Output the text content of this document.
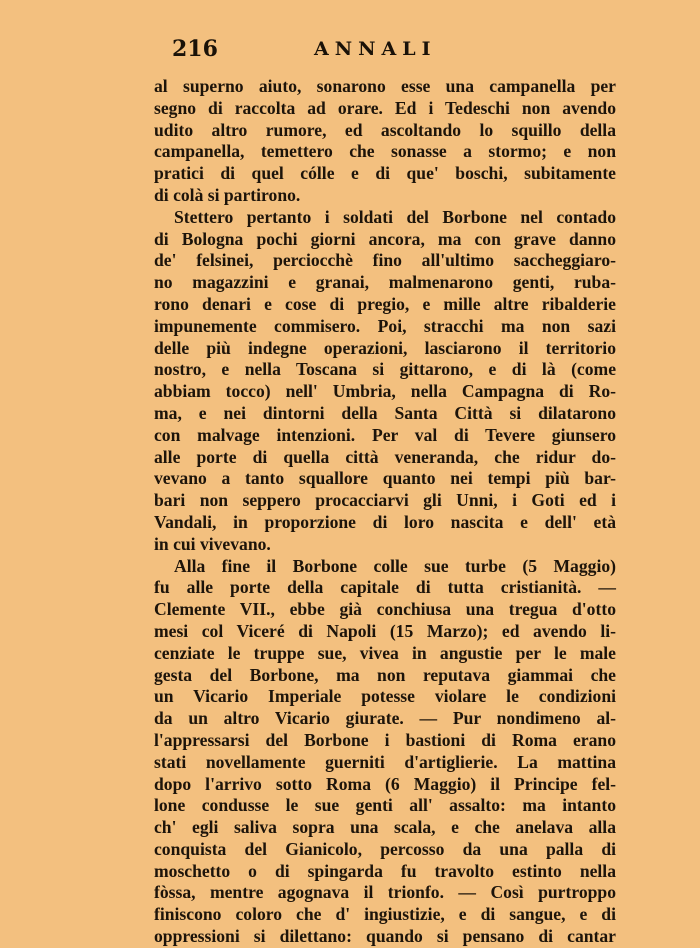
216	ANNALI
al superno aiuto, sonarono esse una campanella per
segno di raccolta ad orare. Ed i Tedeschi non avendo
udito altro rumore, ed ascoltando lo squillo della
campanella, temettero che sonasse a stormo; e non
pratici di quel cólle e di que' boschi, subitamente
di colà si partirono.
Stettero pertanto i soldati del Borbone nel contado
di Bologna pochi giorni ancora, ma con grave danno
de' felsinei, perciocchè fino all'ultimo saccheggiaro-
no magazzini e granai, malmenarono genti, ruba-
rono denari e cose di pregio, e mille altre ribalderie
impunemente commisero. Poi, stracchi ma non sazi
delle più indegne operazioni, lasciarono il territorio
nostro, e nella Toscana si gittarono, e di là (come
abbiam tocco) nell' Umbria, nella Campagna di Ro-
ma, e nei dintorni della Santa Città si dilatarono
con malvage intenzioni. Per val di Tevere giunsero
alle porte di quella città veneranda, che ridur do-
vevano a tanto squallore quanto nei tempi più bar-
bari non seppero procacciarvi gli Unni, i Goti ed i
Vandali, in proporzione di loro nascita e dell' età
in cui vivevano.
Alla fine il Borbone colle sue turbe (5 Maggio)
fu alle porte della capitale di tutta cristianità. —
Clemente VII., ebbe già conchiusa una tregua d'otto
mesi col Viceré di Napoli (15 Marzo); ed avendo li-
cenziate le truppe sue, vivea in angustie per le male
gesta del Borbone, ma non reputava giammai che
un Vicario Imperiale potesse violare le condizioni
da un altro Vicario giurate. — Pur nondimeno al-
l'appressarsi del Borbone i bastioni di Roma erano
stati novellamente guerniti d'artiglierie. La mattina
dopo l'arrivo sotto Roma (6 Maggio) il Principe fel-
lone condusse le sue genti all' assalto: ma intanto
ch' egli saliva sopra una scala, e che anelava alla
conquista del Gianicolo, percosso da una palla di
moschetto o di spingarda fu travolto estinto nella
fòssa, mentre agognava il trionfo. — Così purtroppo
finiscono coloro che d' ingiustizie, e di sangue, e di
oppressioni si dilettano: quando si pensano di cantar
